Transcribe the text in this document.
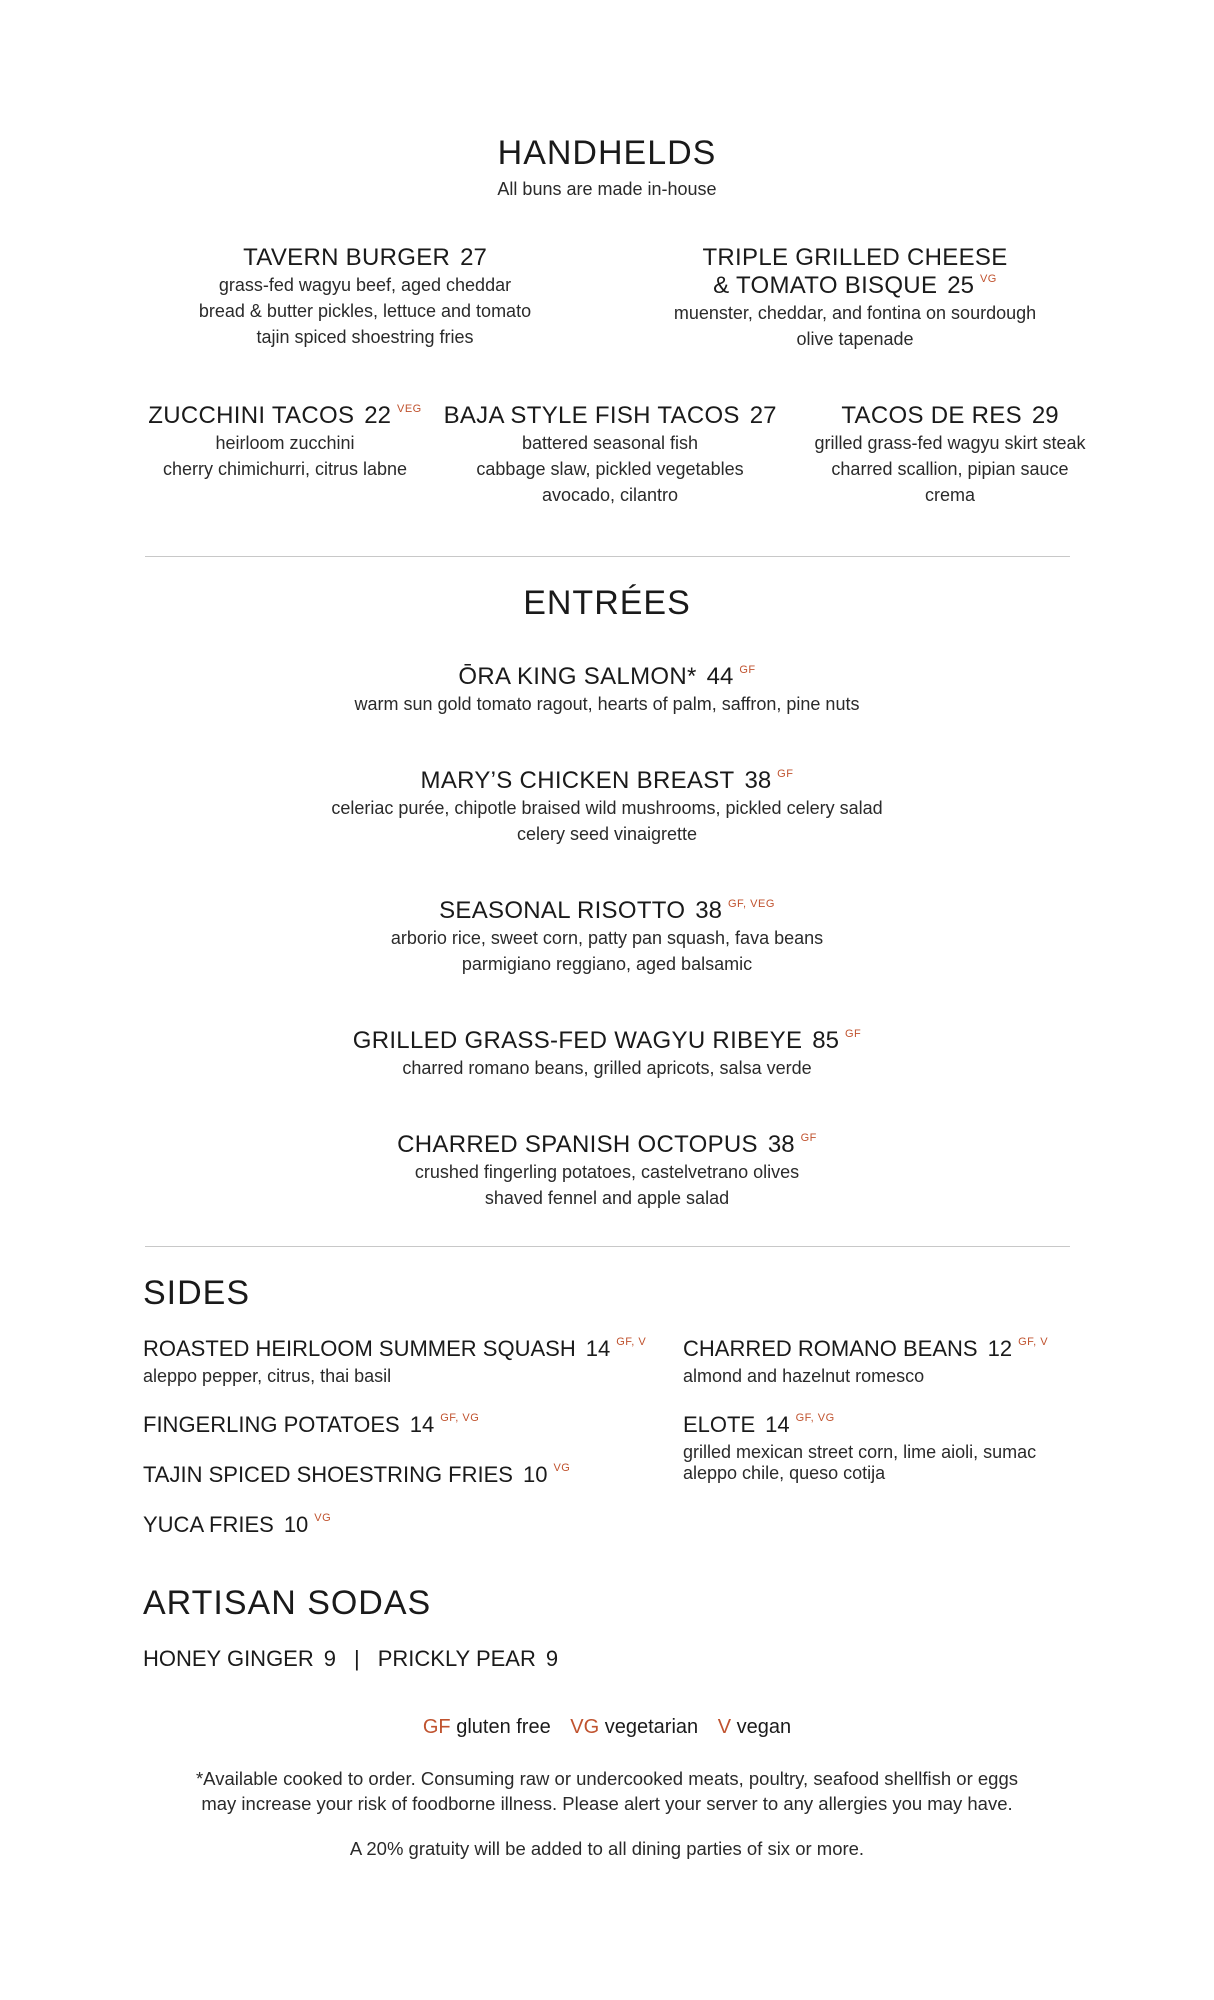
HANDHELDS
All buns are made in-house
TAVERN BURGER 27
grass-fed wagyu beef, aged cheddar
bread & butter pickles, lettuce and tomato
tajin spiced shoestring fries
TRIPLE GRILLED CHEESE
& TOMATO BISQUE 25 $^{VG}$
muenster, cheddar, and fontina on sourdough
olive tapenade
ZUCCHINI TACOS 22 $^{VEG}$
heirloom zucchini
cherry chimichurri, citrus labne
BAJA STYLE FISH TACOS 27
battered seasonal fish
cabbage slaw, pickled vegetables
avocado, cilantro
TACOS DE RES 29
grilled grass-fed wagyu skirt steak
charred scallion, pipian sauce
crema
ENTRÉES
ŌRA KING SALMON* 44 $^{GF}$
warm sun gold tomato ragout, hearts of palm, saffron, pine nuts
MARY’S CHICKEN BREAST 38 $^{GF}$
celeriac purée, chipotle braised wild mushrooms, pickled celery salad
celery seed vinaigrette
SEASONAL RISOTTO 38 $^{GF, VEG}$
arborio rice, sweet corn, patty pan squash, fava beans
parmigiano reggiano, aged balsamic
GRILLED GRASS-FED WAGYU RIBEYE 85 $^{GF}$
charred romano beans, grilled apricots, salsa verde
CHARRED SPANISH OCTOPUS 38 $^{GF}$
crushed fingerling potatoes, castelvetrano olives
shaved fennel and apple salad
SIDES
ROASTED HEIRLOOM SUMMER SQUASH 14 $^{GF, V}$
aleppo pepper, citrus, thai basil
FINGERLING POTATOES 14 $^{GF, VG}$
TAJIN SPICED SHOESTRING FRIES 10 $^{VG}$
YUCA FRIES 10 $^{VG}$
CHARRED ROMANO BEANS 12 $^{GF, V}$
almond and hazelnut romesco
ELOTE 14 $^{GF, VG}$
grilled mexican street corn, lime aioli, sumac
aleppo chile, queso cotija
ARTISAN SODAS
HONEY GINGER 9 | PRICKLY PEAR 9
GF gluten free VG vegetarian V vegan
*Available cooked to order. Consuming raw or undercooked meats, poultry, seafood shellfish or eggs
may increase your risk of foodborne illness. Please alert your server to any allergies you may have.
A 20% gratuity will be added to all dining parties of six or more.
